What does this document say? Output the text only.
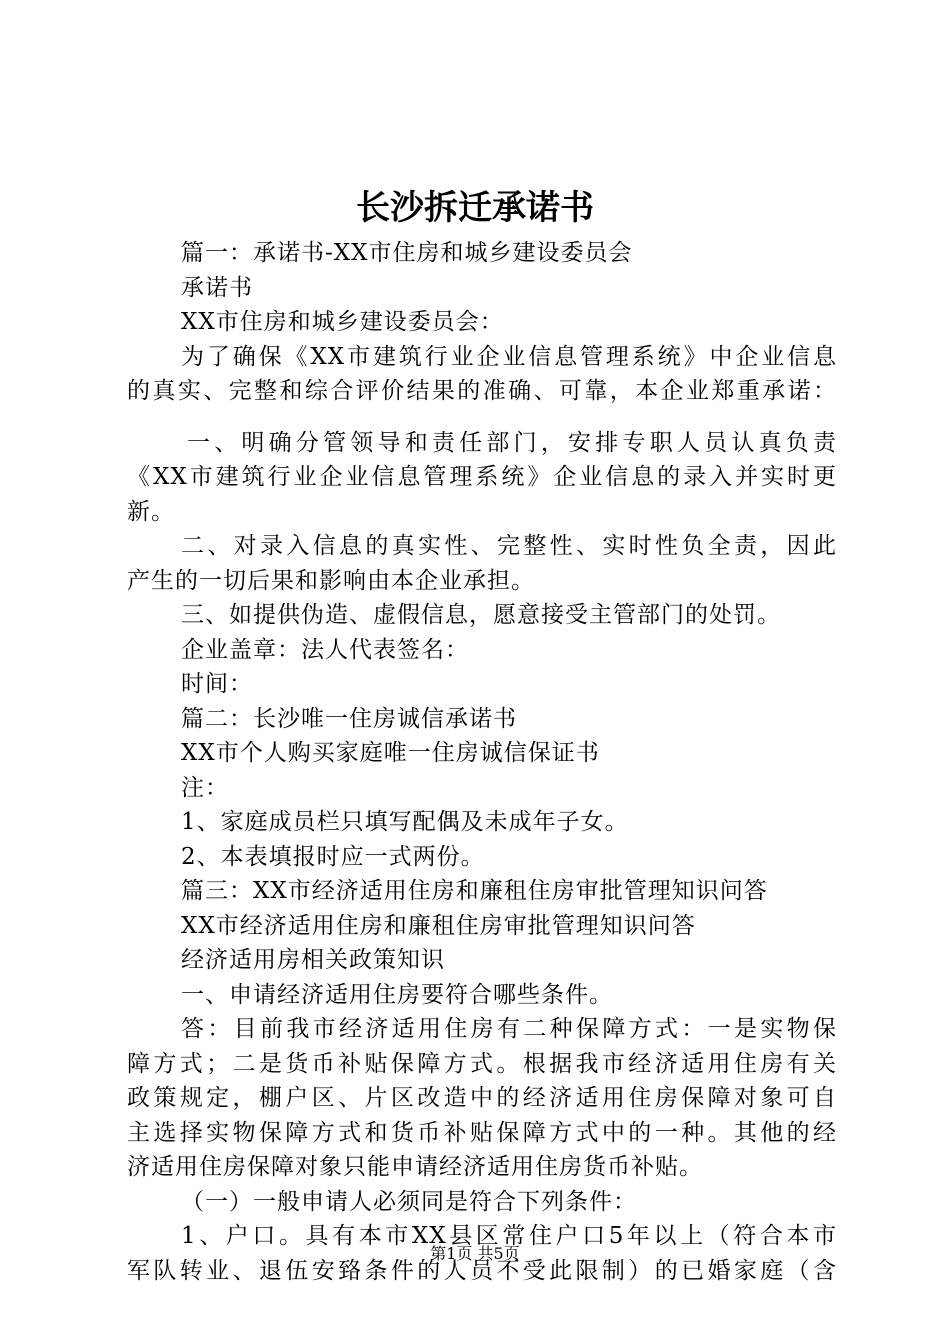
长沙拆迁承诺书
篇一：承诺书-XX市住房和城乡建设委员会
承诺书
XX市住房和城乡建设委员会：
为了确保《XX市建筑行业企业信息管理系统》中企业信息
的真实、完整和综合评价结果的准确、可靠，本企业郑重承诺：
一、明确分管领导和责任部门，安排专职人员认真负责
《XX市建筑行业企业信息管理系统》企业信息的录入并实时更
新。
二、对录入信息的真实性、完整性、实时性负全责，因此
产生的一切后果和影响由本企业承担。
三、如提供伪造、虚假信息，愿意接受主管部门的处罚。
企业盖章：法人代表签名：
时间：
篇二：长沙唯一住房诚信承诺书
XX市个人购买家庭唯一住房诚信保证书
注：
1、家庭成员栏只填写配偶及未成年子女。
2、本表填报时应一式两份。
篇三：XX市经济适用住房和廉租住房审批管理知识问答
XX市经济适用住房和廉租住房审批管理知识问答
经济适用房相关政策知识
一、申请经济适用住房要符合哪些条件。
答：目前我市经济适用住房有二种保障方式：一是实物保
障方式；二是货币补贴保障方式。根据我市经济适用住房有关
政策规定，棚户区、片区改造中的经济适用住房保障对象可自
主选择实物保障方式和货币补贴保障方式中的一种。其他的经
济适用住房保障对象只能申请经济适用住房货币补贴。
（一）一般申请人必须同是符合下列条件：
1、户口。具有本市XX县区常住户口5年以上（符合本市
军队转业、退伍安臵条件的人员不受此限制）的已婚家庭（含
第1页 共5页
